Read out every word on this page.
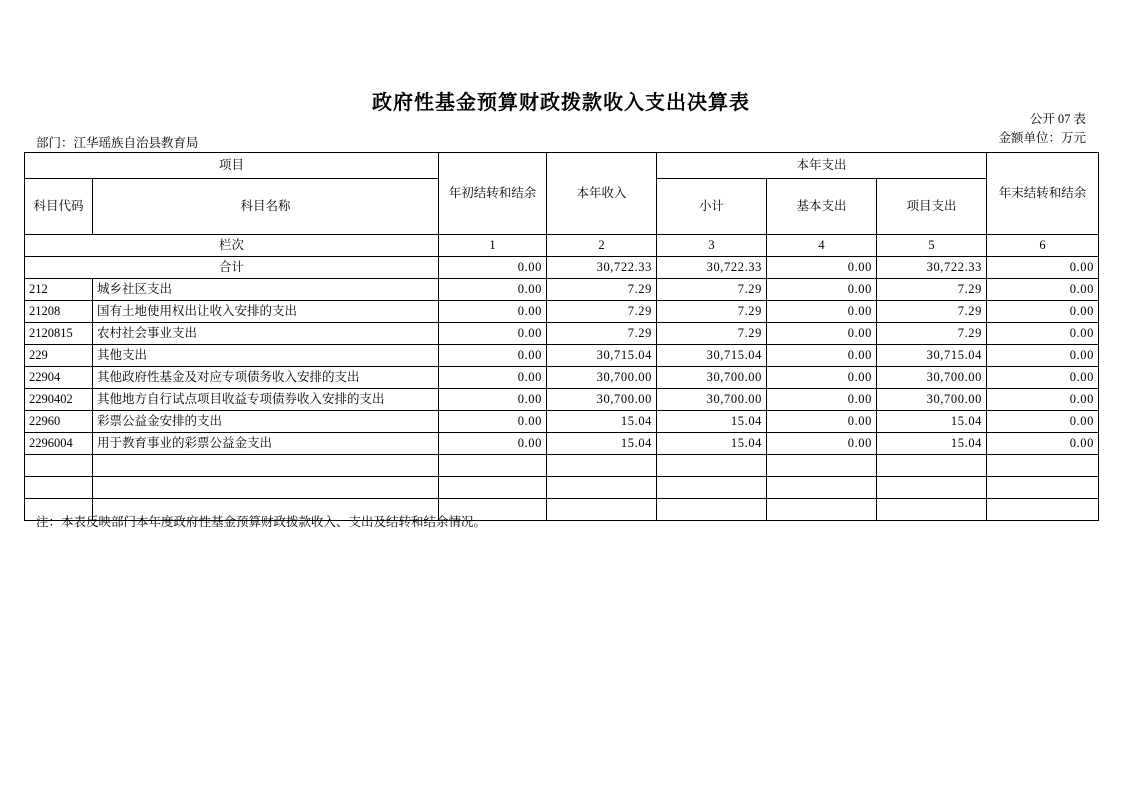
政府性基金预算财政拨款收入支出决算表
公开 07 表
金额单位：万元
部门：江华瑶族自治县教育局
项目		年初结转和结余	本年收入	本年支出			年末结转和结余
科目代码	科目名称			小计	基本支出	项目支出	
栏次		1	2	3	4	5	6
合计		0.00	30,722.33	30,722.33	0.00	30,722.33	0.00
212	城乡社区支出	0.00	7.29	7.29	0.00	7.29	0.00
21208	国有土地使用权出让收入安排的支出	0.00	7.29	7.29	0.00	7.29	0.00
2120815	农村社会事业支出	0.00	7.29	7.29	0.00	7.29	0.00
229	其他支出	0.00	30,715.04	30,715.04	0.00	30,715.04	0.00
22904	其他政府性基金及对应专项债务收入安排的支出	0.00	30,700.00	30,700.00	0.00	30,700.00	0.00
2290402	其他地方自行试点项目收益专项债券收入安排的支出	0.00	30,700.00	30,700.00	0.00	30,700.00	0.00
22960	彩票公益金安排的支出	0.00	15.04	15.04	0.00	15.04	0.00
2296004	用于教育事业的彩票公益金支出	0.00	15.04	15.04	0.00	15.04	0.00

注：本表反映部门本年度政府性基金预算财政拨款收入、支出及结转和结余情况。
